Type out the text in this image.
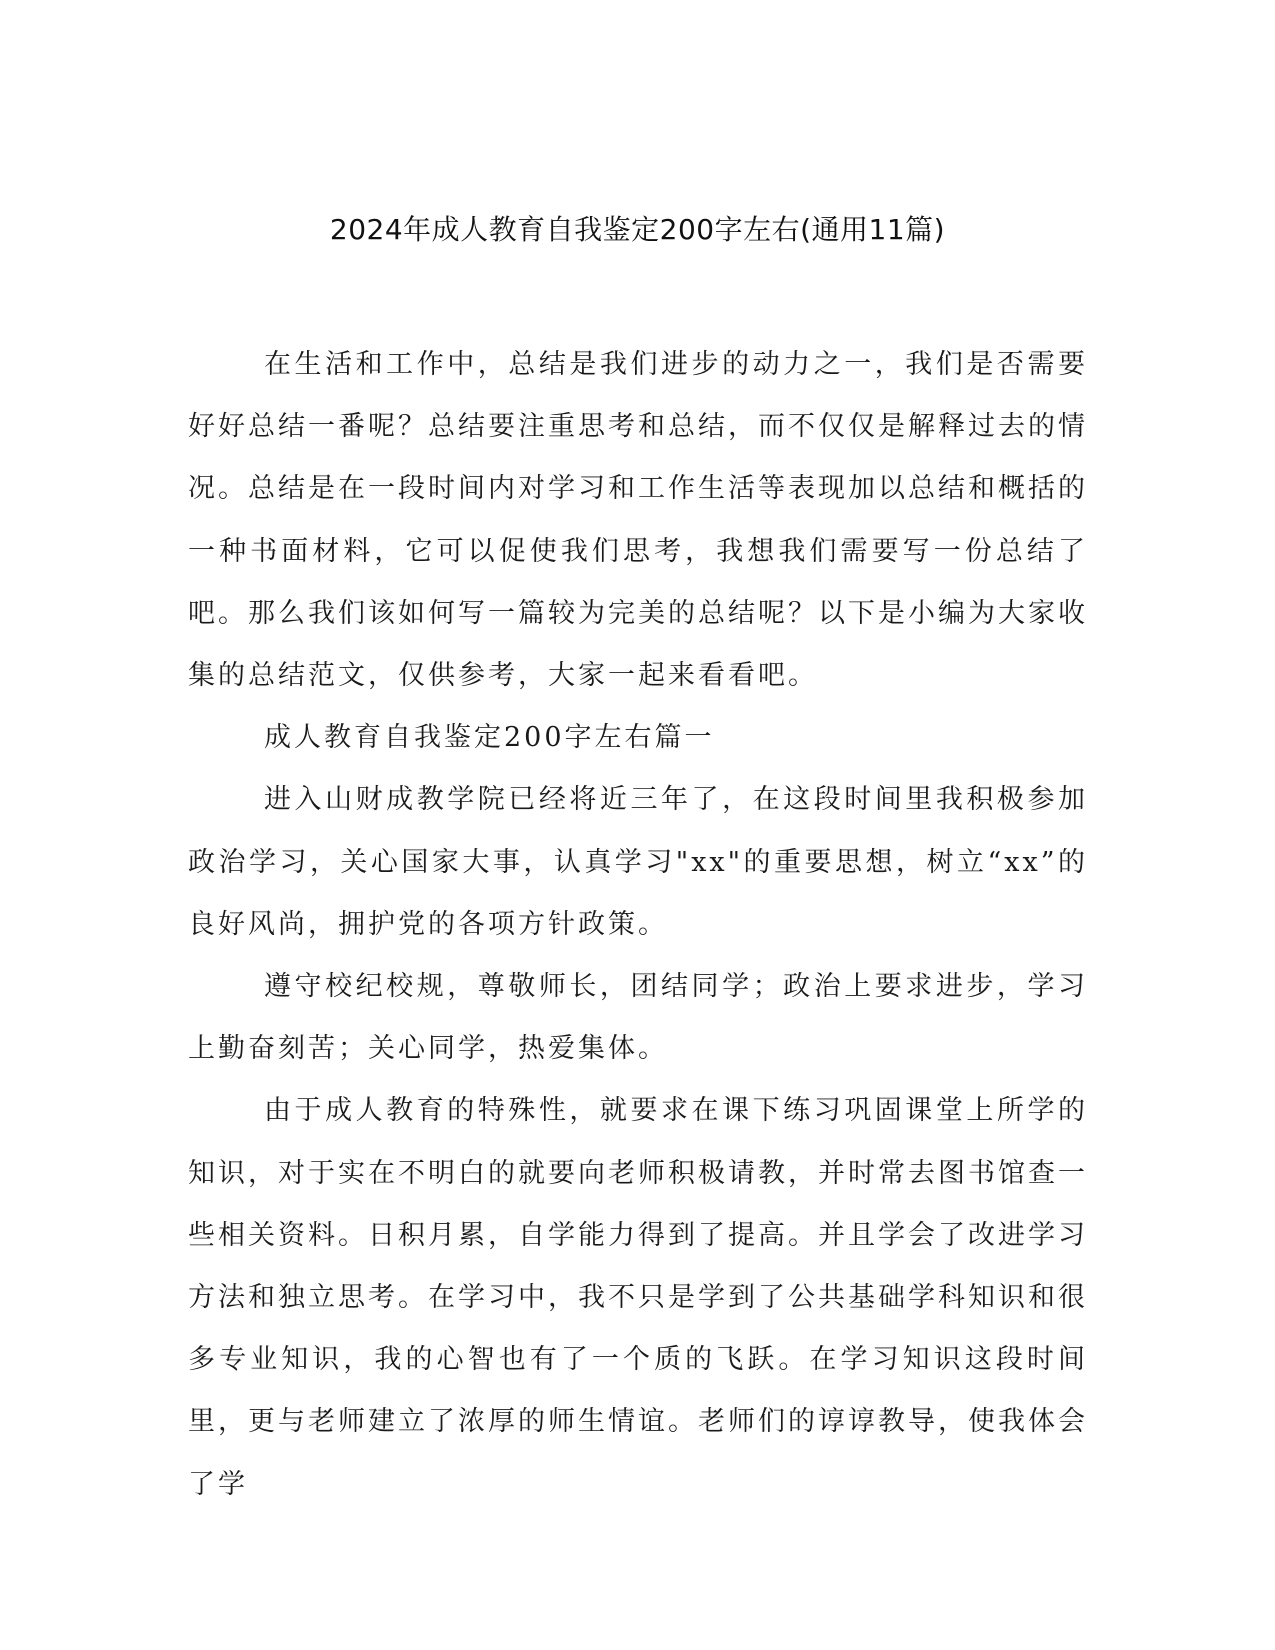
2024年成人教育自我鉴定200字左右(通用11篇)

在生活和工作中，总结是我们进步的动力之一，我们是否需要好好总结一番呢？总结要注重思考和总结，而不仅仅是解释过去的情况。总结是在一段时间内对学习和工作生活等表现加以总结和概括的一种书面材料，它可以促使我们思考，我想我们需要写一份总结了吧。那么我们该如何写一篇较为完美的总结呢？以下是小编为大家收集的总结范文，仅供参考，大家一起来看看吧。

成人教育自我鉴定200字左右篇一

进入山财成教学院已经将近三年了，在这段时间里我积极参加政治学习，关心国家大事，认真学习"xx"的重要思想，树立“xx”的良好风尚，拥护党的各项方针政策。

遵守校纪校规，尊敬师长，团结同学；政治上要求进步，学习上勤奋刻苦；关心同学，热爱集体。

由于成人教育的特殊性，就要求在课下练习巩固课堂上所学的知识，对于实在不明白的就要向老师积极请教，并时常去图书馆查一些相关资料。日积月累，自学能力得到了提高。并且学会了改进学习方法和独立思考。在学习中，我不只是学到了公共基础学科知识和很多专业知识，我的心智也有了一个质的飞跃。在学习知识这段时间里，更与老师建立了浓厚的师生情谊。老师们的谆谆教导，使我体会了学
